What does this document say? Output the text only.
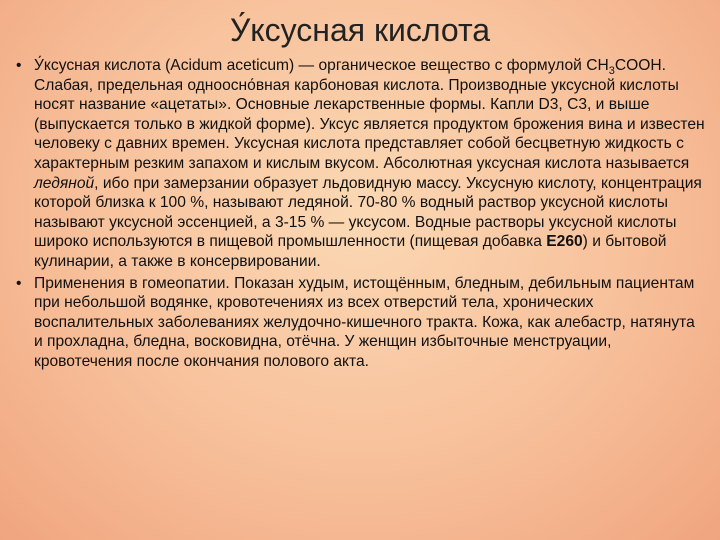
У́ксусная кислота
• У́ксусная кислота (Acidum aceticum) — органическое вещество с формулой $CH_3COOH$. Слабая, предельная одноосно́вная карбоновая кислота. Производные уксусной кислоты носят название «ацетаты». Основные лекарственные формы. Капли D3, C3, и выше (выпускается только в жидкой форме). Уксус является продуктом брожения вина и известен человеку с давних времен. Уксусная кислота представляет собой бесцветную жидкость с характерным резким запахом и кислым вкусом. Абсолютная уксусная кислота называется ледяной, ибо при замерзании образует льдовидную массу. Уксусную кислоту, концентрация которой близка к 100 %, называют ледяной. 70-80 % водный раствор уксусной кислоты называют уксусной эссенцией, а 3-15 % — уксусом. Водные растворы уксусной кислоты широко используются в пищевой промышленности (пищевая добавка E260) и бытовой кулинарии, а также в консервировании.
• Применения в гомеопатии. Показан худым, истощённым, бледным, дебильным пациентам при небольшой водянке, кровотечениях из всех отверстий тела, хронических воспалительных заболеваниях желудочно-кишечного тракта. Кожа, как алебастр, натянута и прохладна, бледна, восковидна, отёчна. У женщин избыточные менструации, кровотечения после окончания полового акта.
